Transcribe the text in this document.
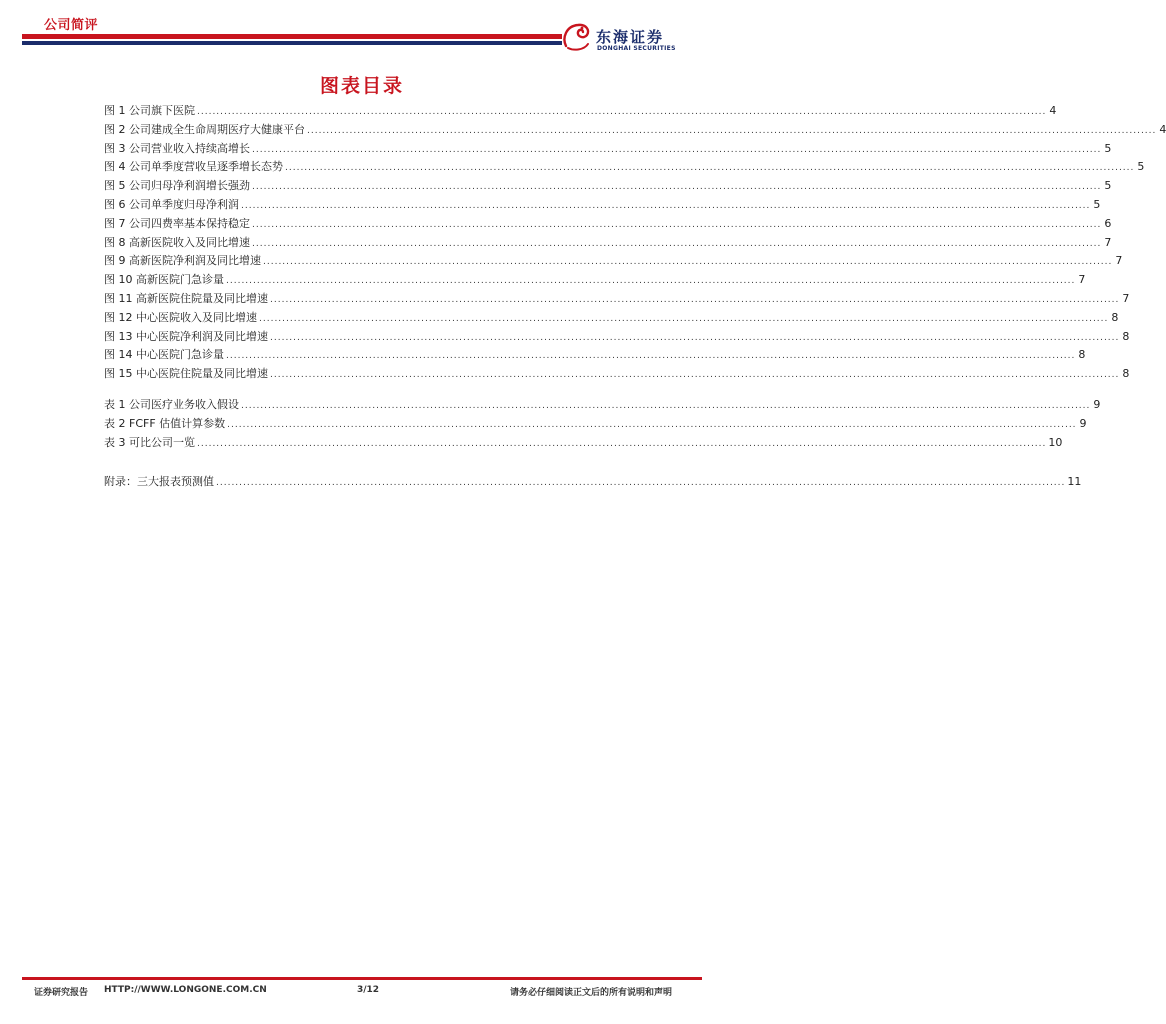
公司简评
东海证券
DONGHAI SECURITIES
图表目录
图 1 公司旗下医院 ............................................................................................................................................................................................................................ 4
图 2 公司建成全生命周期医疗大健康平台 ............................................................................................................................................................................................................................ 4
图 3 公司营业收入持续高增长 ............................................................................................................................................................................................................................ 5
图 4 公司单季度营收呈逐季增长态势 ............................................................................................................................................................................................................................ 5
图 5 公司归母净利润增长强劲 ............................................................................................................................................................................................................................ 5
图 6 公司单季度归母净利润 ............................................................................................................................................................................................................................ 5
图 7 公司四费率基本保持稳定 ............................................................................................................................................................................................................................ 6
图 8 高新医院收入及同比增速 ............................................................................................................................................................................................................................ 7
图 9 高新医院净利润及同比增速 ............................................................................................................................................................................................................................ 7
图 10 高新医院门急诊量 ............................................................................................................................................................................................................................ 7
图 11 高新医院住院量及同比增速 ............................................................................................................................................................................................................................ 7
图 12 中心医院收入及同比增速 ............................................................................................................................................................................................................................ 8
图 13 中心医院净利润及同比增速 ............................................................................................................................................................................................................................ 8
图 14 中心医院门急诊量 ............................................................................................................................................................................................................................ 8
图 15 中心医院住院量及同比增速 ............................................................................................................................................................................................................................ 8
表 1 公司医疗业务收入假设 ............................................................................................................................................................................................................................ 9
表 2 FCFF 估值计算参数 ............................................................................................................................................................................................................................ 9
表 3 可比公司一览 ............................................................................................................................................................................................................................ 10
附录：三大报表预测值 ............................................................................................................................................................................................................................ 11
证券研究报告 HTTP://WWW.LONGONE.COM.CN	3/12	请务必仔细阅读正文后的所有说明和声明
